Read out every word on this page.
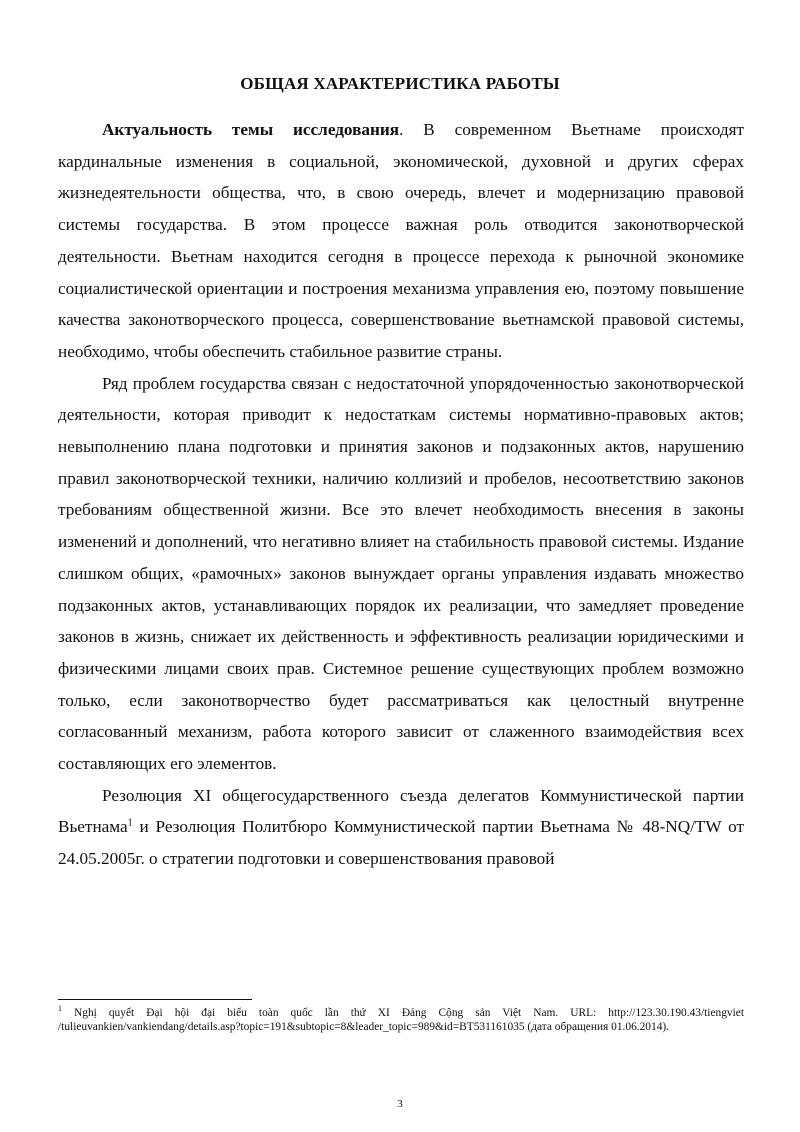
ОБЩАЯ ХАРАКТЕРИСТИКА РАБОТЫ

Актуальность темы исследования. В современном Вьетнаме происходят кардинальные изменения в социальной, экономической, духовной и других сферах жизнедеятельности общества, что, в свою очередь, влечет и модернизацию правовой системы государства. В этом процессе важная роль отводится законотворческой деятельности. Вьетнам находится сегодня в процессе перехода к рыночной экономике социалистической ориентации и построения механизма управления ею, поэтому повышение качества законотворческого процесса, совершенствование вьетнамской правовой системы, необходимо, чтобы обеспечить стабильное развитие страны.

Ряд проблем государства связан с недостаточной упорядоченностью законотворческой деятельности, которая приводит к недостаткам системы нормативно-правовых актов; невыполнению плана подготовки и принятия законов и подзаконных актов, нарушению правил законотворческой техники, наличию коллизий и пробелов, несоответствию законов требованиям общественной жизни. Все это влечет необходимость внесения в законы изменений и дополнений, что негативно влияет на стабильность правовой системы. Издание слишком общих, «рамочных» законов вынуждает органы управления издавать множество подзаконных актов, устанавливающих порядок их реализации, что замедляет проведение законов в жизнь, снижает их действенность и эффективность реализации юридическими и физическими лицами своих прав. Системное решение существующих проблем возможно только, если законотворчество будет рассматриваться как целостный внутренне согласованный механизм, работа которого зависит от слаженного взаимодействия всех составляющих его элементов.

Резолюция XI общегосударственного съезда делегатов Коммунистической партии Вьетнама$^1$ и Резолюция Политбюро Коммунистической партии Вьетнама № 48-NQ/TW от 24.05.2005г. о стратегии подготовки и совершенствования правовой

$^1$ Nghị quyết Đại hội đại biểu toàn quốc lần thứ XI Đảng Cộng sản Việt Nam. URL: http://123.30.190.43/tiengviet /tulieuvankien/vankiendang/details.asp?topic=191&subtopic=8&leader_topic=989&id=BT531161035 (дата обращения 01.06.2014).
3
